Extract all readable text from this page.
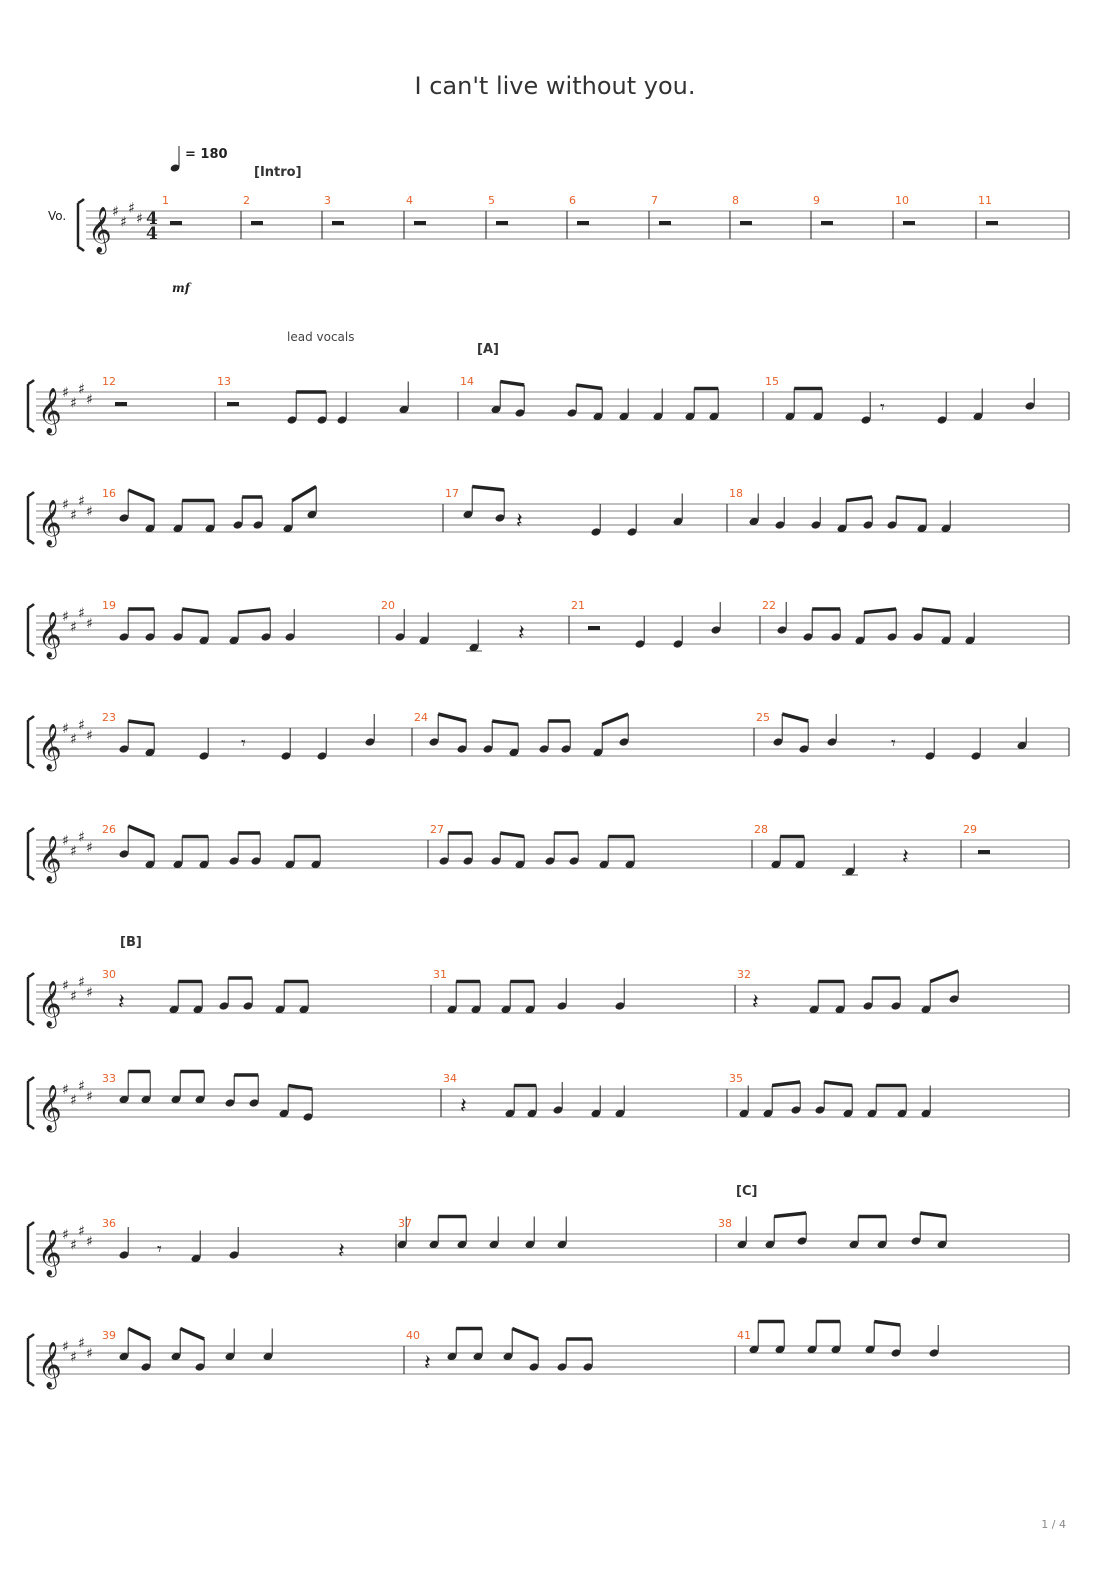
I can't live without you.
𝄞 ♯
♯
♯
♯
1	2	3	4	5	6	7	8	9	10	11
𝄞 ♯
♯
♯
♯
12	13	14	15
𝄾
𝄞 ♯
♯
♯
♯
16	17	18
𝄽
𝄞 ♯
♯
♯
♯
19	20	21	22
𝄽
𝄞 ♯
♯
♯
♯
23	24	25
𝄾	𝄾
𝄞 ♯
♯
♯
♯
26	27	28	29
𝄽
𝄞 ♯
♯
♯
♯
30	31	32
𝄽	𝄽
𝄞 ♯
♯
♯
♯
33	34	35
𝄽
𝄞 ♯
♯
♯
♯
36	37	38
𝄽
𝄾
𝄞 ♯
♯
♯
♯
39	40	41
𝄽
4
4
Vo.
mf
= 180
[Intro]
[A]
[B]
[C]
lead vocals
1 / 4
